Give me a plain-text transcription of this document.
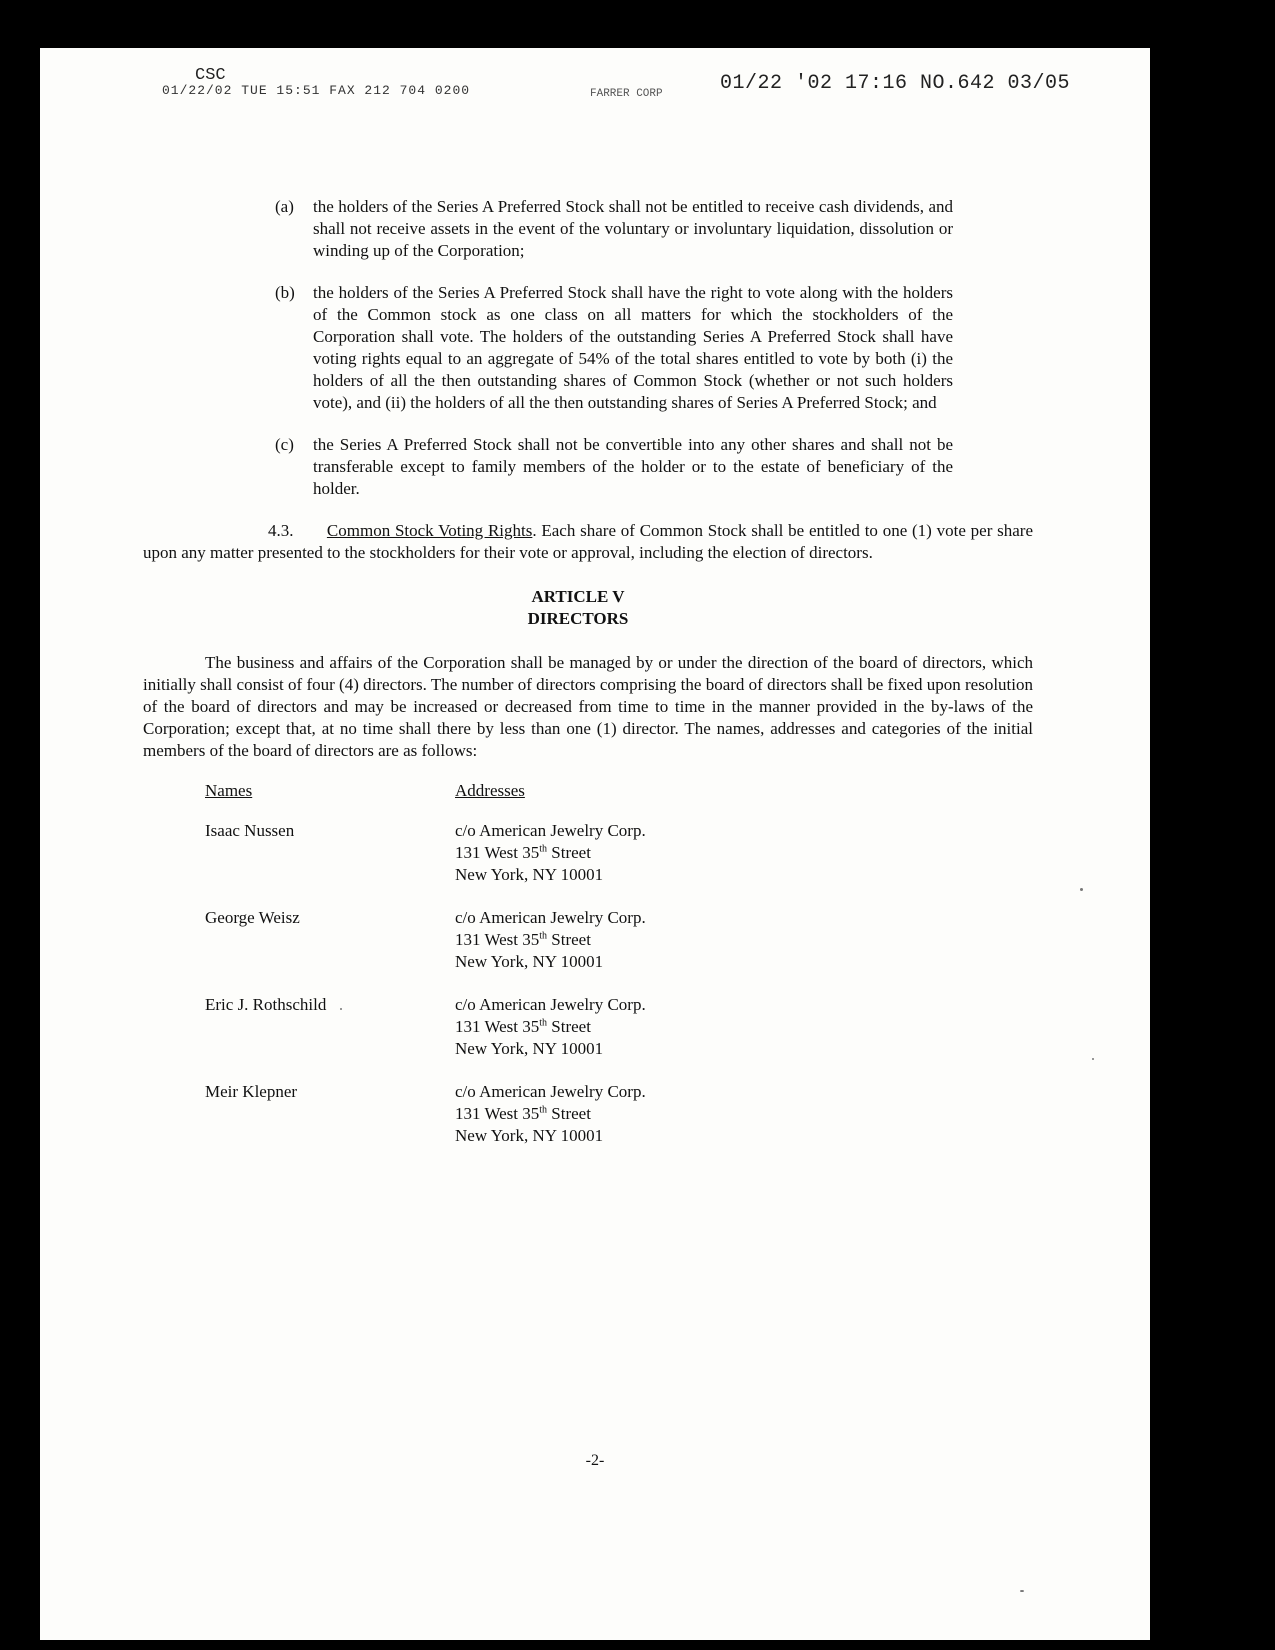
CSC
01/22/02 TUE 15:51 FAX 212 704 0200	FARRER CORP	01/22 '02 17:16 NO.642 03/05
(a) the holders of the Series A Preferred Stock shall not be entitled to receive cash dividends, and shall not receive assets in the event of the voluntary or involuntary liquidation, dissolution or winding up of the Corporation;
(b) the holders of the Series A Preferred Stock shall have the right to vote along with the holders of the Common stock as one class on all matters for which the stockholders of the Corporation shall vote. The holders of the outstanding Series A Preferred Stock shall have voting rights equal to an aggregate of 54% of the total shares entitled to vote by both (i) the holders of all the then outstanding shares of Common Stock (whether or not such holders vote), and (ii) the holders of all the then outstanding shares of Series A Preferred Stock; and
(c) the Series A Preferred Stock shall not be convertible into any other shares and shall not be transferable except to family members of the holder or to the estate of beneficiary of the holder.

4.3. Common Stock Voting Rights. Each share of Common Stock shall be entitled to one (1) vote per share upon any matter presented to the stockholders for their vote or approval, including the election of directors.

ARTICLE V
DIRECTORS

The business and affairs of the Corporation shall be managed by or under the direction of the board of directors, which initially shall consist of four (4) directors. The number of directors comprising the board of directors shall be fixed upon resolution of the board of directors and may be increased or decreased from time to time in the manner provided in the by-laws of the Corporation; except that, at no time shall there by less than one (1) director. The names, addresses and categories of the initial members of the board of directors are as follows:

Names	Addresses
Isaac Nussen	c/o American Jewelry Corp.
131 West 35th Street
New York, NY 10001
George Weisz	c/o American Jewelry Corp.
131 West 35th Street
New York, NY 10001
Eric J. Rothschild	c/o American Jewelry Corp.
131 West 35th Street
New York, NY 10001
Meir Klepner	c/o American Jewelry Corp.
131 West 35th Street
New York, NY 10001
-2-
